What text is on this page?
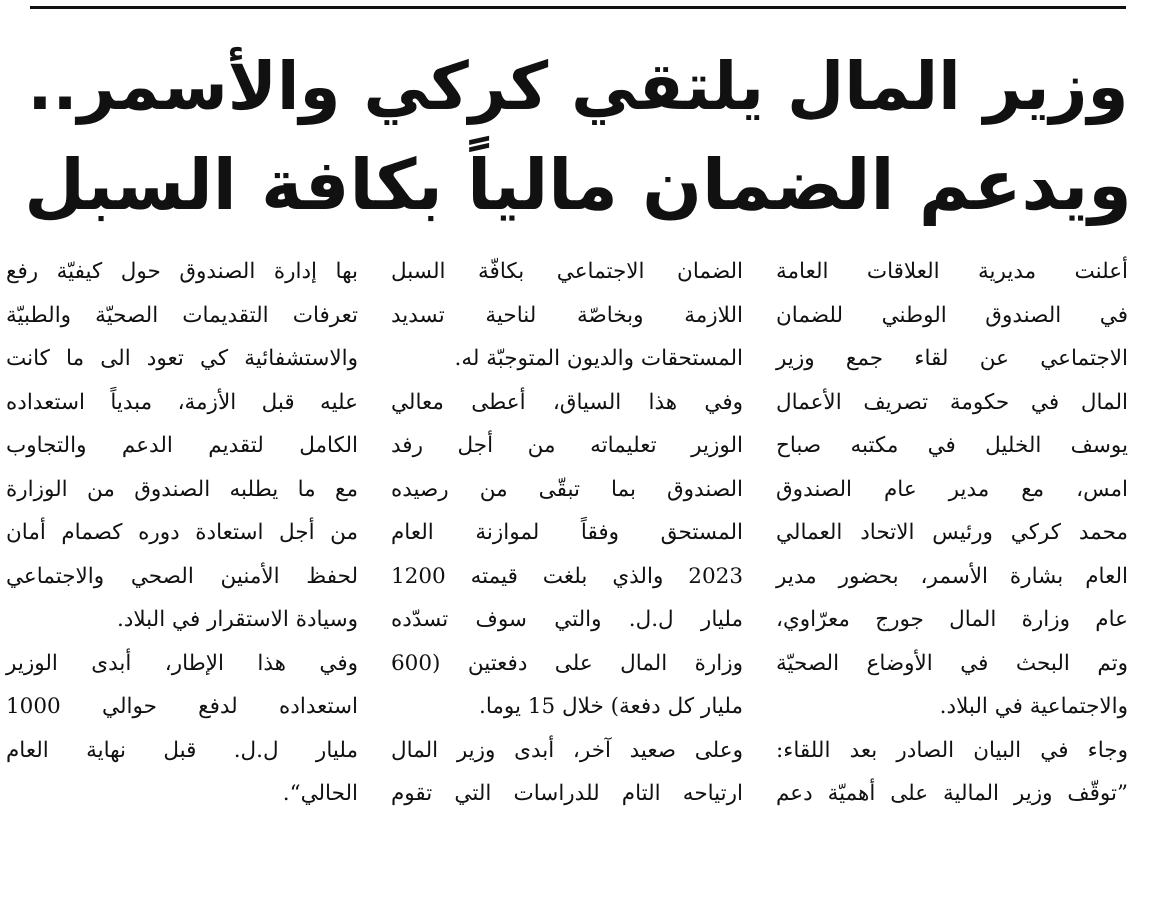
وزير المال يلتقي كركي والأسمر..
ويدعم الضمان مالياً بكافة السبل
أعلنت مديرية العلاقات العامة
في الصندوق الوطني للضمان
الاجتماعي عن لقاء جمع وزير
المال في حكومة تصريف الأعمال
يوسف الخليل في مكتبه صباح
امس، مع مدير عام الصندوق
محمد كركي ورئيس الاتحاد العمالي
العام بشارة الأسمر، بحضور مدير
عام وزارة المال جورج معرّاوي،
وتم البحث في الأوضاع الصحيّة
والاجتماعية في البلاد.
وجاء في البيان الصادر بعد اللقاء:
”توقّف وزير المالية على أهميّة دعم
الضمان الاجتماعي بكافّة السبل
اللازمة وبخاصّة لناحية تسديد
المستحقات والديون المتوجبّة له.
وفي هذا السياق، أعطى معالي
الوزير تعليماته من أجل رفد
الصندوق بما تبقّى من رصيده
المستحق وفقاً لموازنة العام
2023 والذي بلغت قيمته 1200
مليار ل.ل. والتي سوف تسدّده
وزارة المال على دفعتين (600
مليار كل دفعة) خلال 15 يوما.
وعلى صعيد آخر، أبدى وزير المال
ارتياحه التام للدراسات التي تقوم
بها إدارة الصندوق حول كيفيّة رفع
تعرفات التقديمات الصحيّة والطبيّة
والاستشفائية كي تعود الى ما كانت
عليه قبل الأزمة، مبدياً استعداده
الكامل لتقديم الدعم والتجاوب
مع ما يطلبه الصندوق من الوزارة
من أجل استعادة دوره كصمام أمان
لحفظ الأمنين الصحي والاجتماعي
وسيادة الاستقرار في البلاد.
وفي هذا الإطار، أبدى الوزير
استعداده لدفع حوالي 1000
مليار ل.ل. قبل نهاية العام
الحالي“.
